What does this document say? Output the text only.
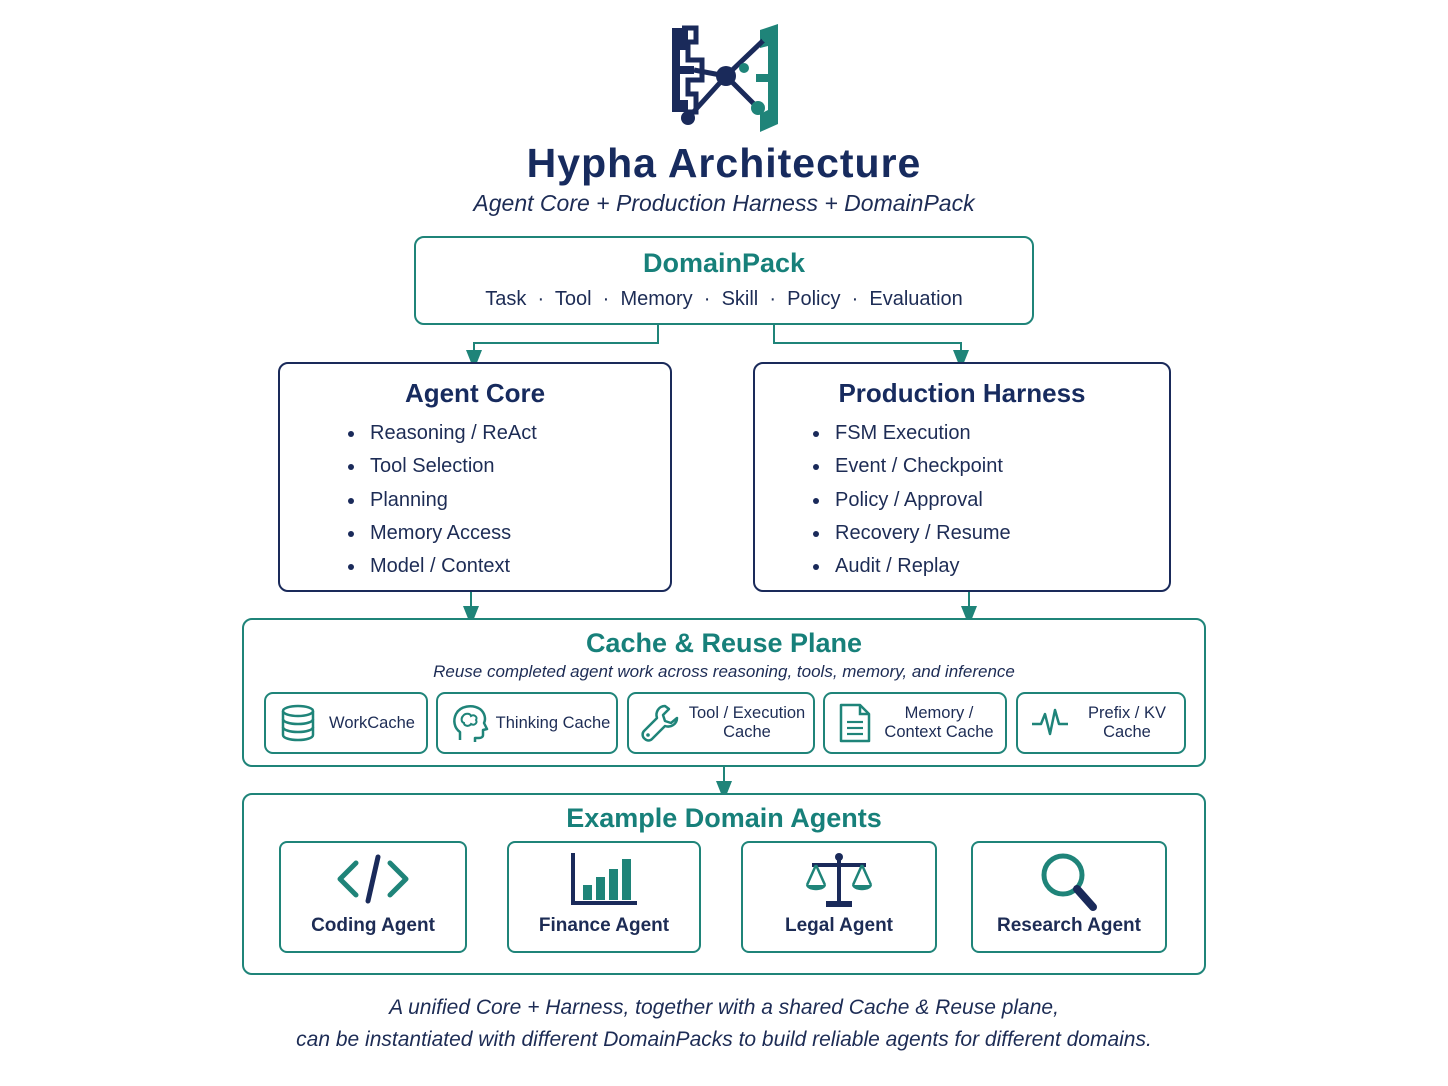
Hypha Architecture
Agent Core + Production Harness + DomainPack
DomainPack
Task  ·  Tool  ·  Memory  ·  Skill  ·  Policy  ·  Evaluation
Agent Core
Reasoning / ReAct
Tool Selection
Planning
Memory Access
Model / Context
Production Harness
FSM Execution
Event / Checkpoint
Policy / Approval
Recovery / Resume
Audit / Replay
Cache & Reuse Plane
Reuse completed agent work across reasoning, tools, memory, and inference
WorkCache	Thinking Cache
Tool / Execution
Cache
Memory /
Context Cache
Prefix / KV
Cache
Example Domain Agents
Coding Agent	Finance Agent	Legal Agent	Research Agent
A unified Core + Harness, together with a shared Cache & Reuse plane,
can be instantiated with different DomainPacks to build reliable agents for different domains.
